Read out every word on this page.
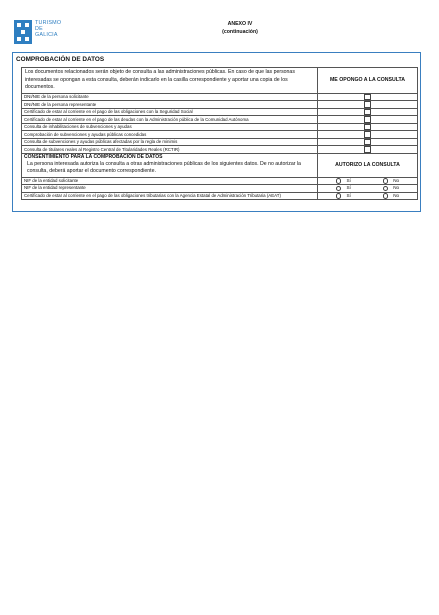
TURISMO
DE
GALICIA
ANEXO IV
(continuación)
COMPROBACIÓN DE DATOS
Los documentos relacionados serán objeto de consulta a las administraciones públicas. En caso de que las personas interesadas se opongan a esta consulta, deberán indicarlo en la casilla correspondiente y aportar una copia de los documentos.	ME OPONGO A LA CONSULTA
DNI/NIE de la persona solicitante	
DNI/NIE de la persona representante	
Certificado de estar al corriente en el pago de las obligaciones con la Seguridad Social	
Certificado de estar al corriente en el pago de las deudas con la Administración pública de la Comunidad Autónoma	
Consulta de inhabilitaciones de subvenciones y ayudas	
Comprobación de subvenciones y ayudas públicas concedidas	
Consulta de subvenciones y ayudas públicas afectadas por la regla de minimis	
Consulta de titulares reales al Registro Central de Titularidades Reales (RCTIR)	

CONSENTIMIENTO PARA LA COMPROBACIÓN DE DATOS
La persona interesada autoriza la consulta a otras administraciones públicas de los siguientes datos. De no autorizar la consulta, deberá aportar el documento correspondiente.	AUTORIZO LA CONSULTA
NIF de la entidad solicitante	Sí No

NIF de la entidad representante	Sí No

Certificado de estar al corriente en el pago de las obligaciones tributarias con la Agencia Estatal de Administración Tributaria (AEAT)	Sí No
